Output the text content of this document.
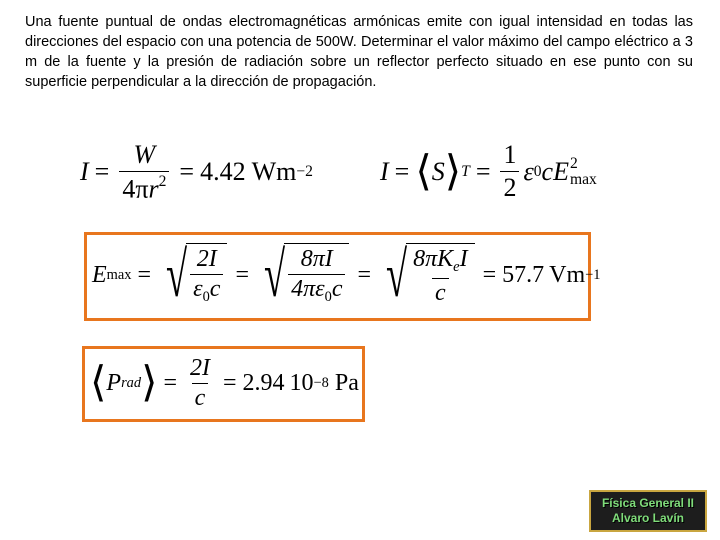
Una fuente puntual de ondas electromagnéticas armónicas emite con igual intensidad en todas las direcciones del espacio con una potencia de 500W. Determinar el valor máximo del campo eléctrico a 3 m de la fuente y la presión de radiación sobre un reflector perfecto situado en ese punto con su superficie perpendicular a la dirección de propagación.
$I = \frac{W}{4\pi r^2} = 4.42$ Wm −2	I = ⟨ S ⟩ $T = \frac{1}{2}$ ε 0 c E 2
max
E max = √ $\frac{2I}{\varepsilon_0c}$ = √ $\frac{8\pi I}{4\pi\varepsilon_0c}$ = √ $\frac{8\pi K_eI}{c} = 57.7$ Vm −1
⟨ P rad ⟩ = $\frac{2I}{c} = 2.94$ 10 −8 Pa
Física General II
Alvaro Lavín
